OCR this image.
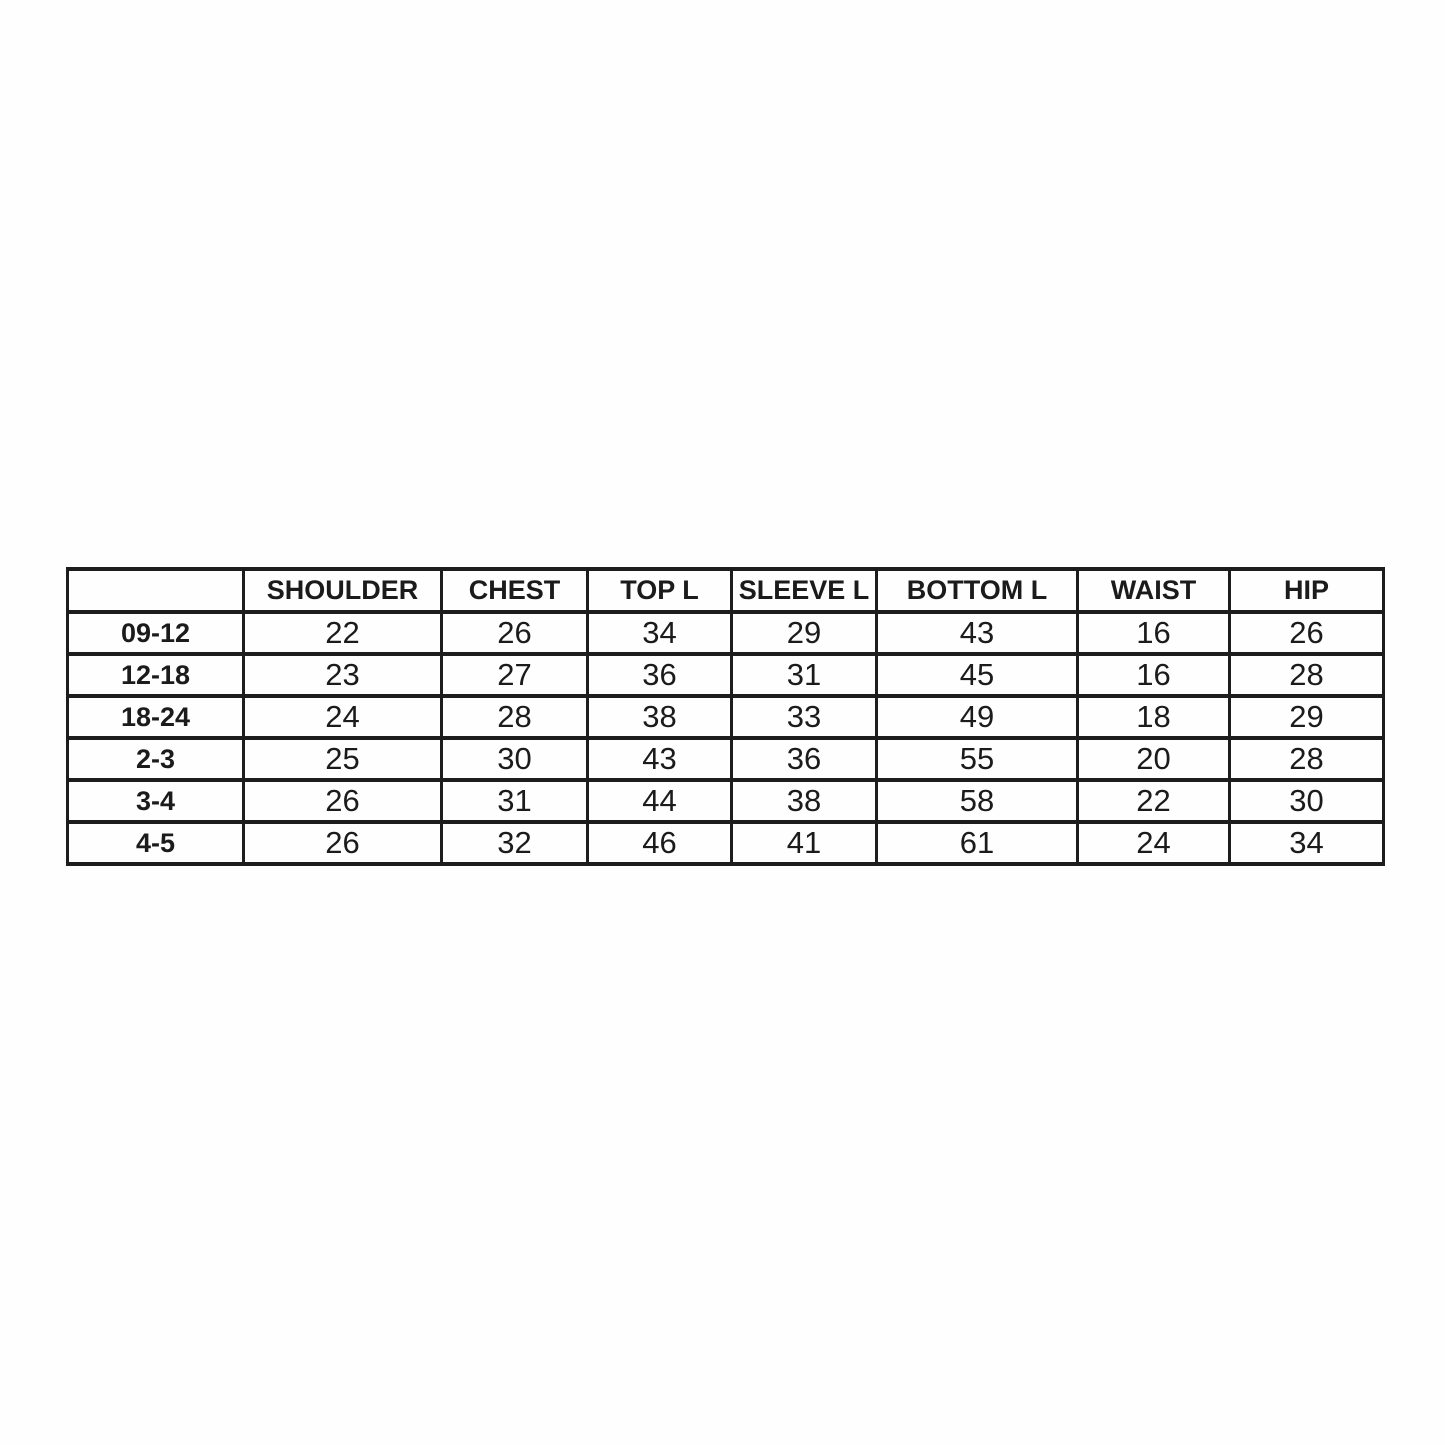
	SHOULDER	CHEST	TOP L	SLEEVE L	BOTTOM L	WAIST	HIP
09-12	22	26	34	29	43	16	26
12-18	23	27	36	31	45	16	28
18-24	24	28	38	33	49	18	29
2-3	25	30	43	36	55	20	28
3-4	26	31	44	38	58	22	30
4-5	26	32	46	41	61	24	34
